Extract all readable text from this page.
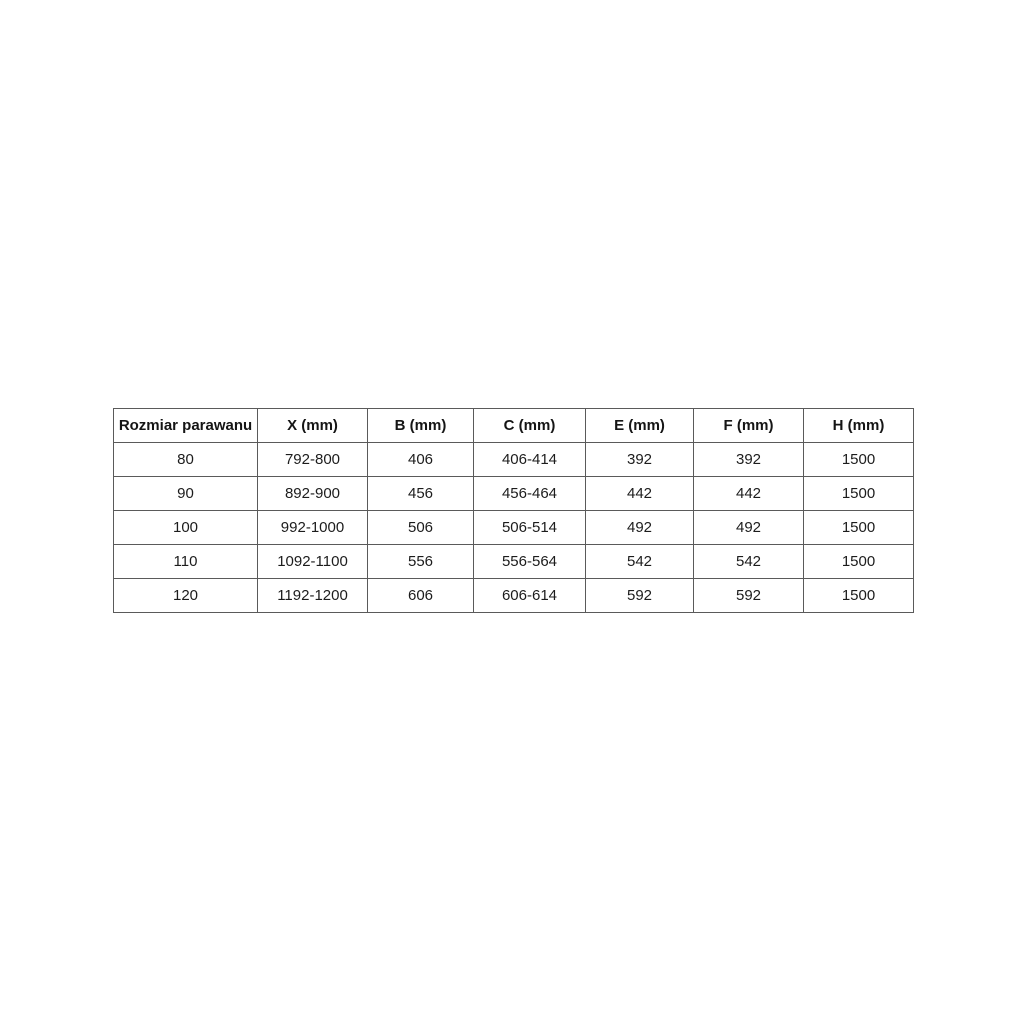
Rozmiar parawanu	X (mm)	B (mm)	C (mm)	E (mm)	F (mm)	H (mm)
80	792-800	406	406-414	392	392	1500
90	892-900	456	456-464	442	442	1500
100	992-1000	506	506-514	492	492	1500
110	1092-1100	556	556-564	542	542	1500
120	1192-1200	606	606-614	592	592	1500
